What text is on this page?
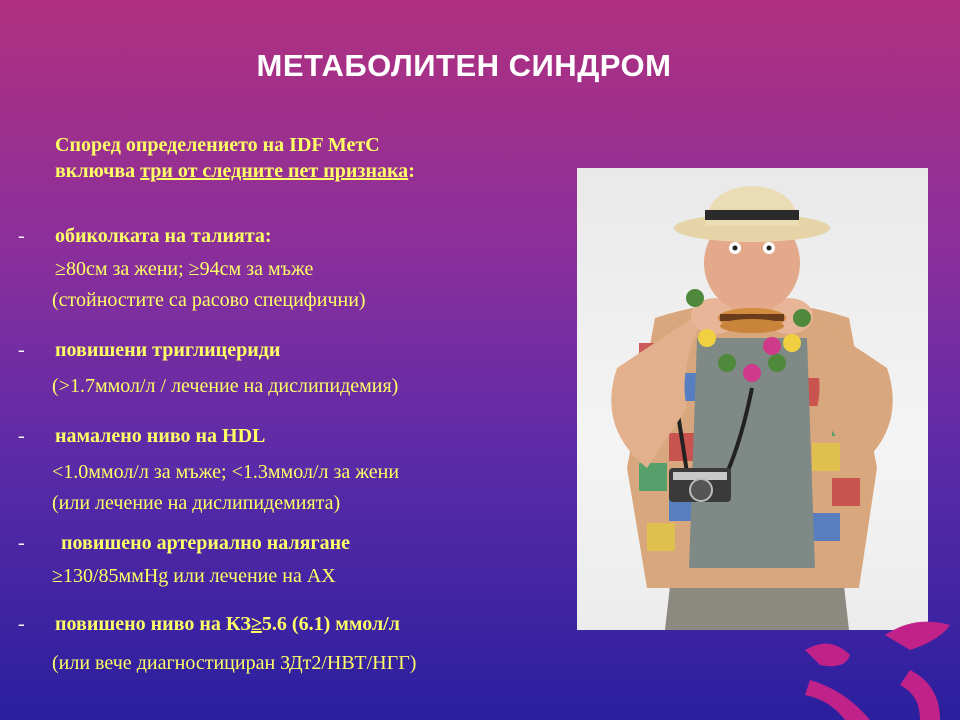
МЕТАБОЛИТЕН СИНДРОМ
Според определението на IDF МетС
включва три от следните пет признака:
- обиколката на талията:
≥80см за жени; ≥94см за мъже
(стойностите са расово специфични)
- повишени триглицериди
(>1.7ммол/л / лечение на дислипидемия)
- намалено ниво на HDL
<1.0ммол/л за мъже; <1.3ммол/л за жени
(или лечение на дислипидемията)
- повишено артериално налягане
≥130/85ммHg или лечение на АХ
- повишено ниво на КЗ≥5.6 (6.1) ммол/л
(или вече диагностициран ЗДт2/НВТ/НГГ)
